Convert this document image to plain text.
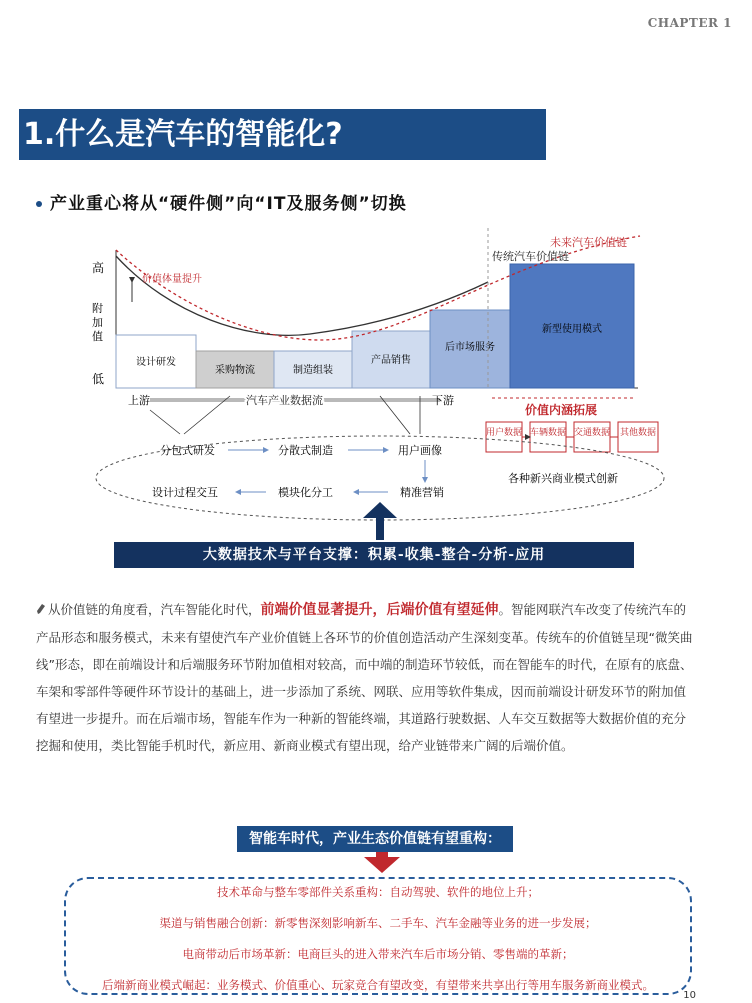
CHAPTER 1
1.什么是汽车的智能化?
产业重心将从“硬件侧”向“IT及服务侧”切换
高
附加值
低
设计研发
采购物流	制造组装
产品销售
后市场服务
新型使用模式
价值体量提升
未来汽车价值链
传统汽车价值链
上游	汽车产业数据流	下游
价值内涵拓展
用户数据 车辆数据 交通数据 其他数据
分包式研发	分散式制造	用户画像
设计过程交互	模块化分工	精准营销
各种新兴商业模式创新
大数据技术与平台支撑：积累-收集-整合-分析-应用
从价值链的角度看，汽车智能化时代，前端价值显著提升，后端价值有望延伸。智能网联汽车改变了传统汽车的产品形态和服务模式，未来有望使汽车产业价值链上各环节的价值创造活动产生深刻变革。传统车的价值链呈现“微笑曲线”形态，即在前端设计和后端服务环节附加值相对较高，而中端的制造环节较低，而在智能车的时代，在原有的底盘、车架和零部件等硬件环节设计的基础上，进一步添加了系统、网联、应用等软件集成，因而前端设计研发环节的附加值有望进一步提升。而在后端市场，智能车作为一种新的智能终端，其道路行驶数据、人车交互数据等大数据价值的充分挖掘和使用，类比智能手机时代，新应用、新商业模式有望出现，给产业链带来广阔的后端价值。
智能车时代，产业生态价值链有望重构：
技术革命与整车零部件关系重构：自动驾驶、软件的地位上升；
渠道与销售融合创新：新零售深刻影响新车、二手车、汽车金融等业务的进一步发展；
电商带动后市场革新：电商巨头的进入带来汽车后市场分销、零售端的革新；
后端新商业模式崛起：业务模式、价值重心、玩家竞合有望改变，有望带来共享出行等用车服务新商业模式。
10
